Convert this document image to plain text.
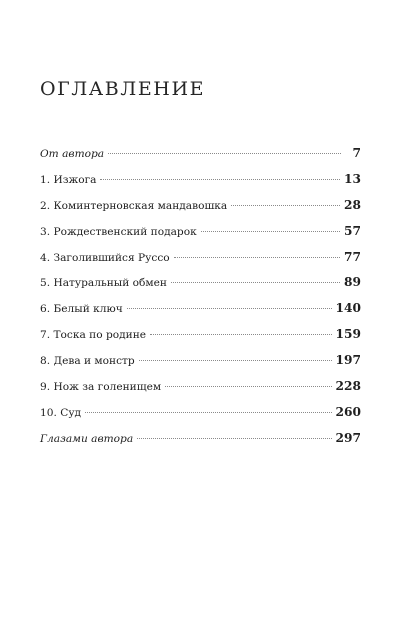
ОГЛАВЛЕНИЕ
От автора	7
1. Изжога	13
2. Коминтерновская мандавошка	28
3. Рождественский подарок	57
4. Заголившийся Руссо	77
5. Натуральный обмен	89
6. Белый ключ	140
7. Тоска по родине	159
8. Дева и монстр	197
9. Нож за голенищем	228
10. Суд	260
Глазами автора	297
